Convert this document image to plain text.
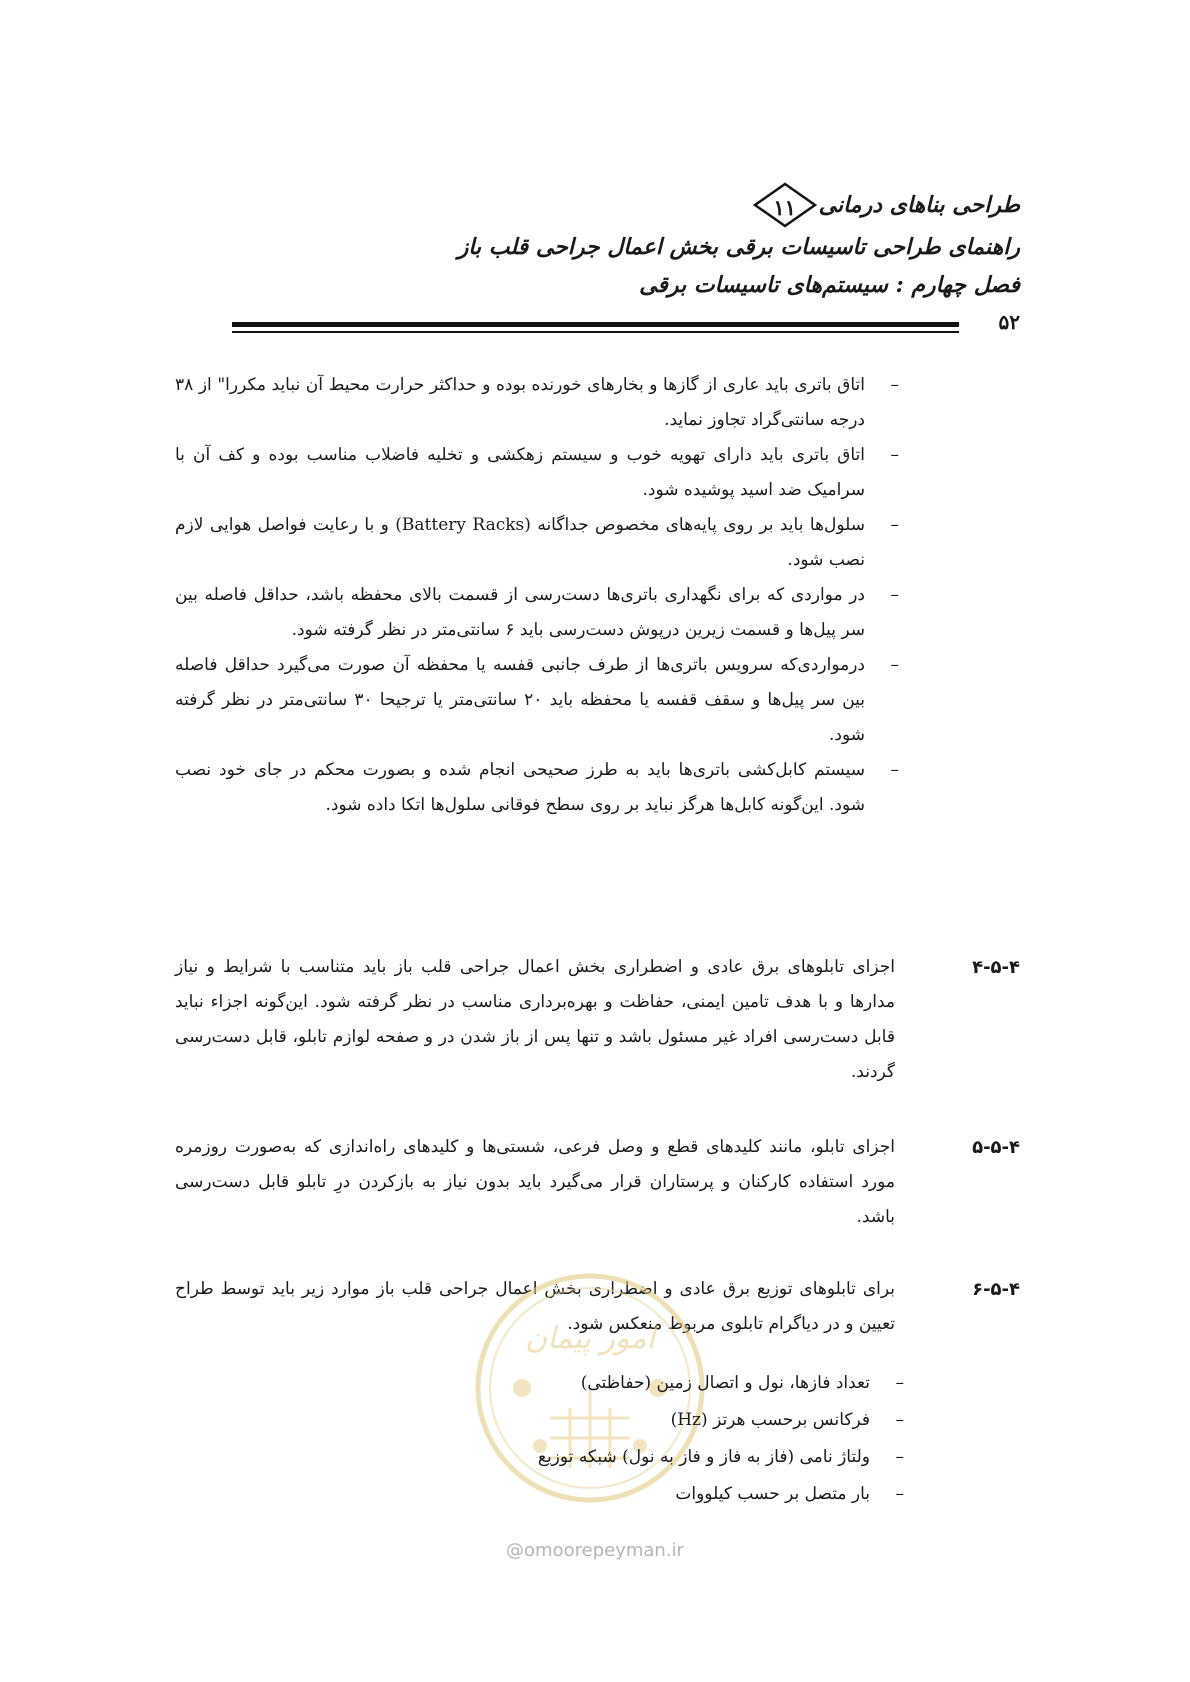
طراحی بناهای درمانی
۱۱
راهنمای طراحی تاسیسات برقی بخش اعمال جراحی قلب باز
فصل چهارم : سیستم‌های تاسیسات برقی
۵۲

–
اتاق باتری باید عاری از گازها و بخارهای خورنده بوده و حداکثر حرارت محیط آن نباید مکررا" از ۳۸ درجه سانتی‌گراد تجاوز نماید.

–
اتاق باتری باید دارای تهویه خوب و سیستم زهکشی و تخلیه فاضلاب مناسب بوده و کف آن با سرامیک ضد اسید پوشیده شود.

–
سلول‌ها باید بر روی پایه‌های مخصوص جداگانه (Battery Racks) و با رعایت فواصل هوایی لازم نصب شود.

–
در مواردی که برای نگهداری باتری‌ها دست‌رسی از قسمت بالای محفظه باشد، حداقل فاصله بین سر پیل‌ها و قسمت زیرین درپوش دست‌رسی باید ۶ سانتی‌متر در نظر گرفته شود.

–
درمواردی‌که سرویس باتری‌ها از طرف جانبی قفسه یا محفظه آن صورت می‌گیرد حداقل فاصله بین سر پیل‌ها و سقف قفسه یا محفظه باید ۲۰ سانتی‌متر یا ترجیحا ۳۰ سانتی‌متر در نظر گرفته شود.

–
سیستم کابل‌کشی باتری‌ها باید به طرز صحیحی انجام شده و بصورت محکم در جای خود نصب شود. این‌گونه کابل‌ها هرگز نباید بر روی سطح فوقانی سلول‌ها اتکا داده شود.

۴-۵-۴
اجزای تابلوهای برق عادی و اضطراری بخش اعمال جراحی قلب باز باید متناسب با شرایط و نیاز مدارها و با هدف تامین ایمنی، حفاظت و بهره‌برداری مناسب در نظر گرفته شود. این‌گونه اجزاء نباید قابل دست‌رسی افراد غیر مسئول باشد و تنها پس از باز شدن در و صفحه لوازم تابلو، قابل دست‌رسی گردند.
۵-۵-۴
اجزای تابلو، مانند کلیدهای قطع و وصل فرعی، شستی‌ها و کلیدهای راه‌اندازی که به‌صورت روزمره مورد استفاده کارکنان و پرستاران قرار می‌گیرد باید بدون نیاز به بازکردن درِ تابلو قابل دست‌رسی باشد.
۶-۵-۴
برای تابلوهای توزیع برق عادی و اضطراری بخش اعمال جراحی قلب باز موارد زیر باید توسط طراح تعیین و در دیاگرام تابلوی مربوط منعکس شود.
امور پیمان
–
تعداد فازها، نول و اتصال زمین (حفاظتی)
–
فرکانس برحسب هرتز (Hz)
–
ولتاژ نامی (فاز به فاز و فاز به نول) شبکه توزیع
–
بار متصل بر حسب کیلووات
@omoorepeyman.ir
